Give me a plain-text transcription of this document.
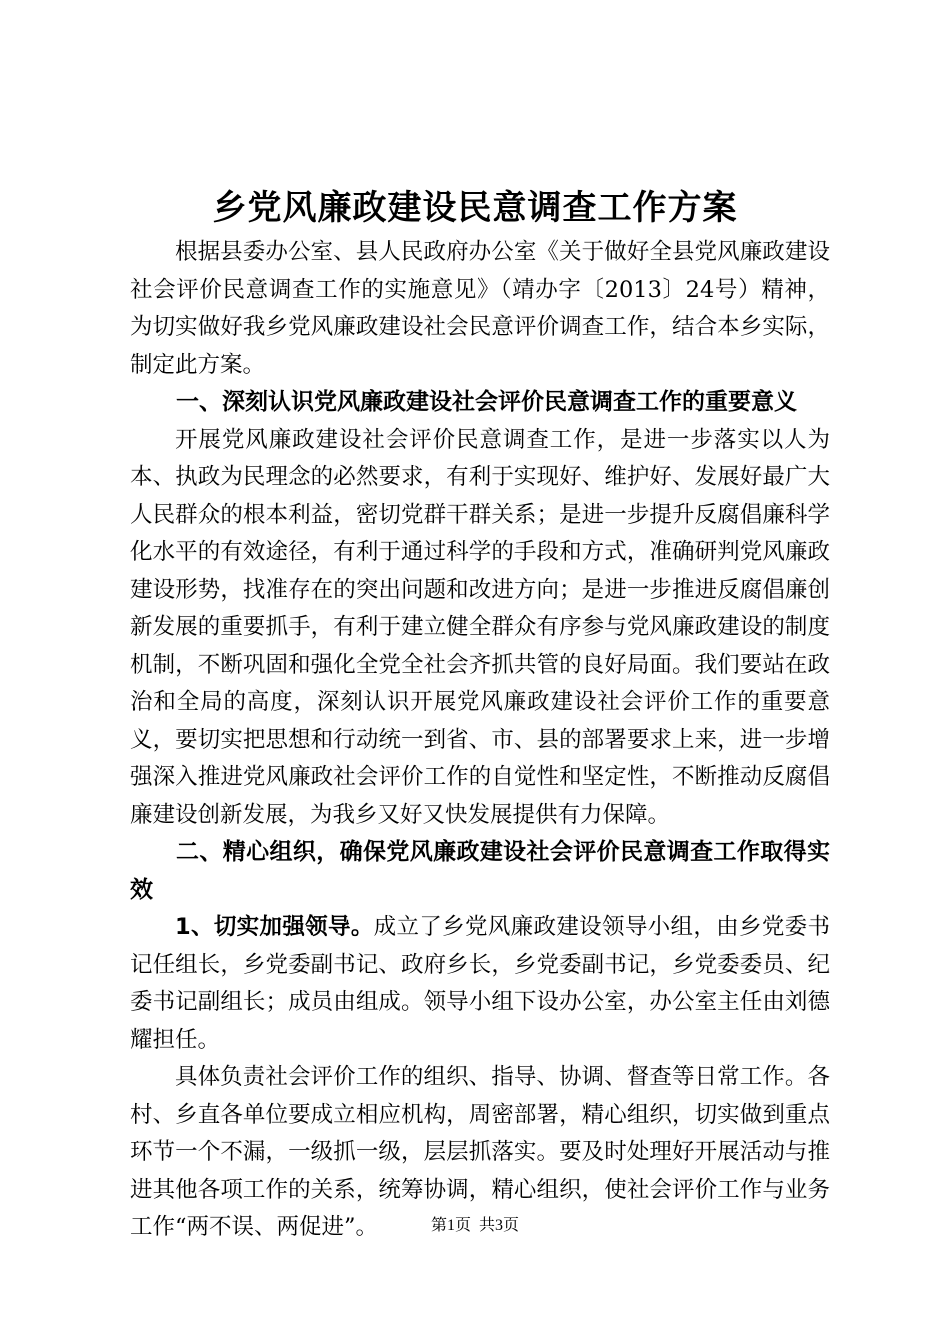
乡党风廉政建设民意调查工作方案

根据县委办公室、县人民政府办公室《关于做好全县党风廉政建设社会评价民意调查工作的实施意见》（靖办字〔2013〕24号）精神，为切实做好我乡党风廉政建设社会民意评价调查工作，结合本乡实际，制定此方案。

一、深刻认识党风廉政建设社会评价民意调查工作的重要意义

开展党风廉政建设社会评价民意调查工作，是进一步落实以人为本、执政为民理念的必然要求，有利于实现好、维护好、发展好最广大人民群众的根本利益，密切党群干群关系；是进一步提升反腐倡廉科学化水平的有效途径，有利于通过科学的手段和方式，准确研判党风廉政建设形势，找准存在的突出问题和改进方向；是进一步推进反腐倡廉创新发展的重要抓手，有利于建立健全群众有序参与党风廉政建设的制度机制，不断巩固和强化全党全社会齐抓共管的良好局面。我们要站在政治和全局的高度，深刻认识开展党风廉政建设社会评价工作的重要意义，要切实把思想和行动统一到省、市、县的部署要求上来，进一步增强深入推进党风廉政社会评价工作的自觉性和坚定性，不断推动反腐倡廉建设创新发展，为我乡又好又快发展提供有力保障。

二、精心组织，确保党风廉政建设社会评价民意调查工作取得实效

1、切实加强领导。成立了乡党风廉政建设领导小组，由乡党委书记任组长，乡党委副书记、政府乡长，乡党委副书记，乡党委委员、纪委书记副组长；成员由组成。领导小组下设办公室，办公室主任由刘德耀担任。

具体负责社会评价工作的组织、指导、协调、督查等日常工作。各村、乡直各单位要成立相应机构，周密部署，精心组织，切实做到重点环节一个不漏，一级抓一级，层层抓落实。要及时处理好开展活动与推进其他各项工作的关系，统筹协调，精心组织，使社会评价工作与业务工作“两不误、两促进”。	第1页 共3页
